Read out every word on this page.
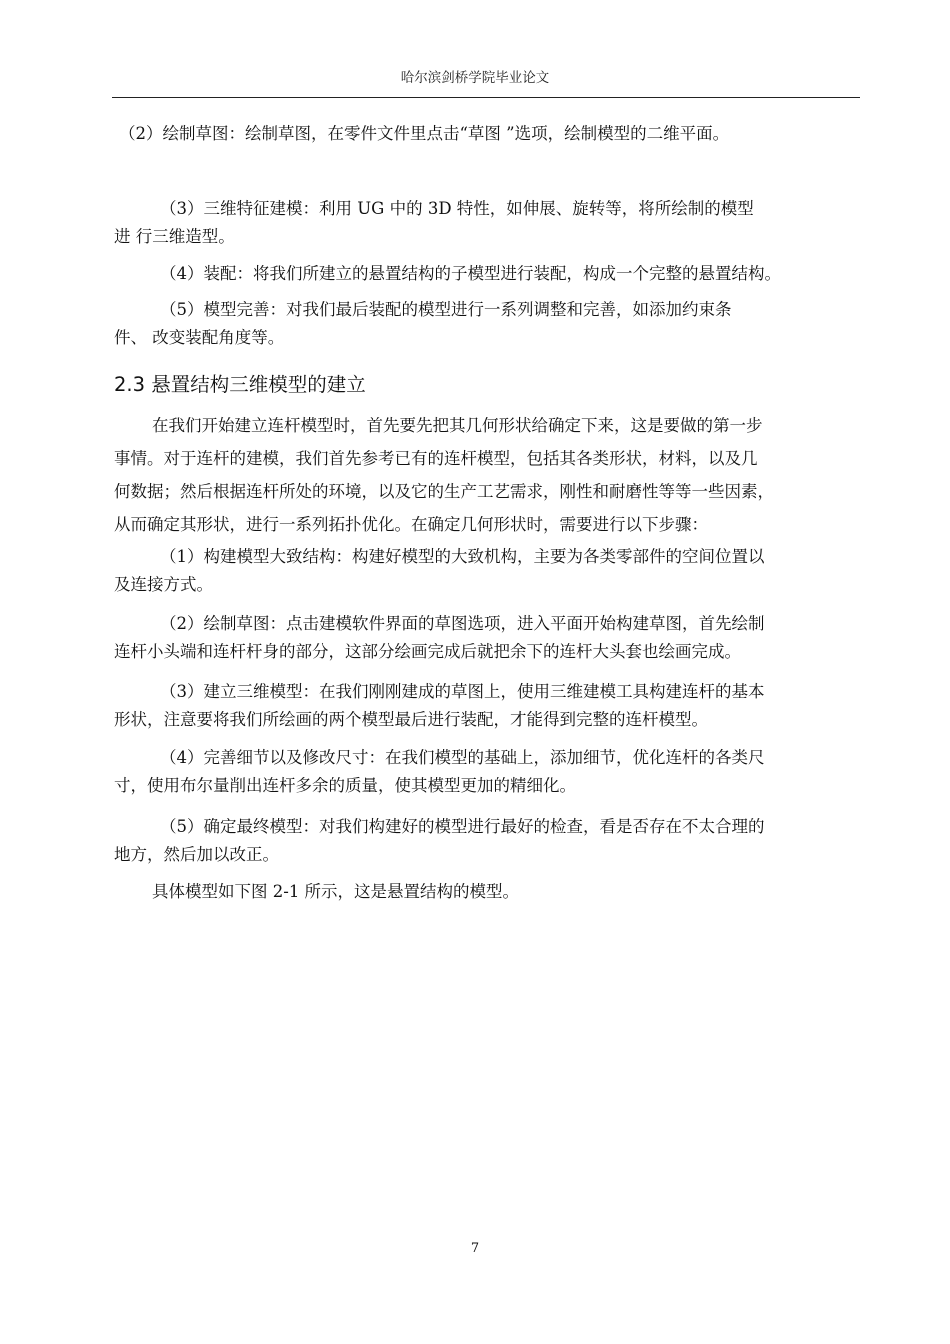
哈尔滨剑桥学院毕业论文

（2）绘制草图：绘制草图，在零件文件里点击“草图 ”选项，绘制模型的二维平面。

（3）三维特征建模：利用 UG 中的 3D 特性，如伸展、旋转等，将所绘制的模型

进 行三维造型。

（4）装配：将我们所建立的悬置结构的子模型进行装配，构成一个完整的悬置结构。

（5）模型完善：对我们最后装配的模型进行一系列调整和完善，如添加约束条

件、 改变装配角度等。

2.3 悬置结构三维模型的建立

在我们开始建立连杆模型时，首先要先把其几何形状给确定下来，这是要做的第一步

事情。对于连杆的建模，我们首先参考已有的连杆模型，包括其各类形状，材料，以及几

何数据；然后根据连杆所处的环境，以及它的生产工艺需求，刚性和耐磨性等等一些因素，

从而确定其形状，进行一系列拓扑优化。在确定几何形状时，需要进行以下步骤：

（1）构建模型大致结构：构建好模型的大致机构，主要为各类零部件的空间位置以

及连接方式。

（2）绘制草图：点击建模软件界面的草图选项，进入平面开始构建草图，首先绘制

连杆小头端和连杆杆身的部分，这部分绘画完成后就把余下的连杆大头套也绘画完成。

（3）建立三维模型：在我们刚刚建成的草图上，使用三维建模工具构建连杆的基本

形状，注意要将我们所绘画的两个模型最后进行装配，才能得到完整的连杆模型。

（4）完善细节以及修改尺寸：在我们模型的基础上，添加细节，优化连杆的各类尺

寸，使用布尔量削出连杆多余的质量，使其模型更加的精细化。

（5）确定最终模型：对我们构建好的模型进行最好的检查，看是否存在不太合理的

地方，然后加以改正。

具体模型如下图 2-1 所示，这是悬置结构的模型。

7
